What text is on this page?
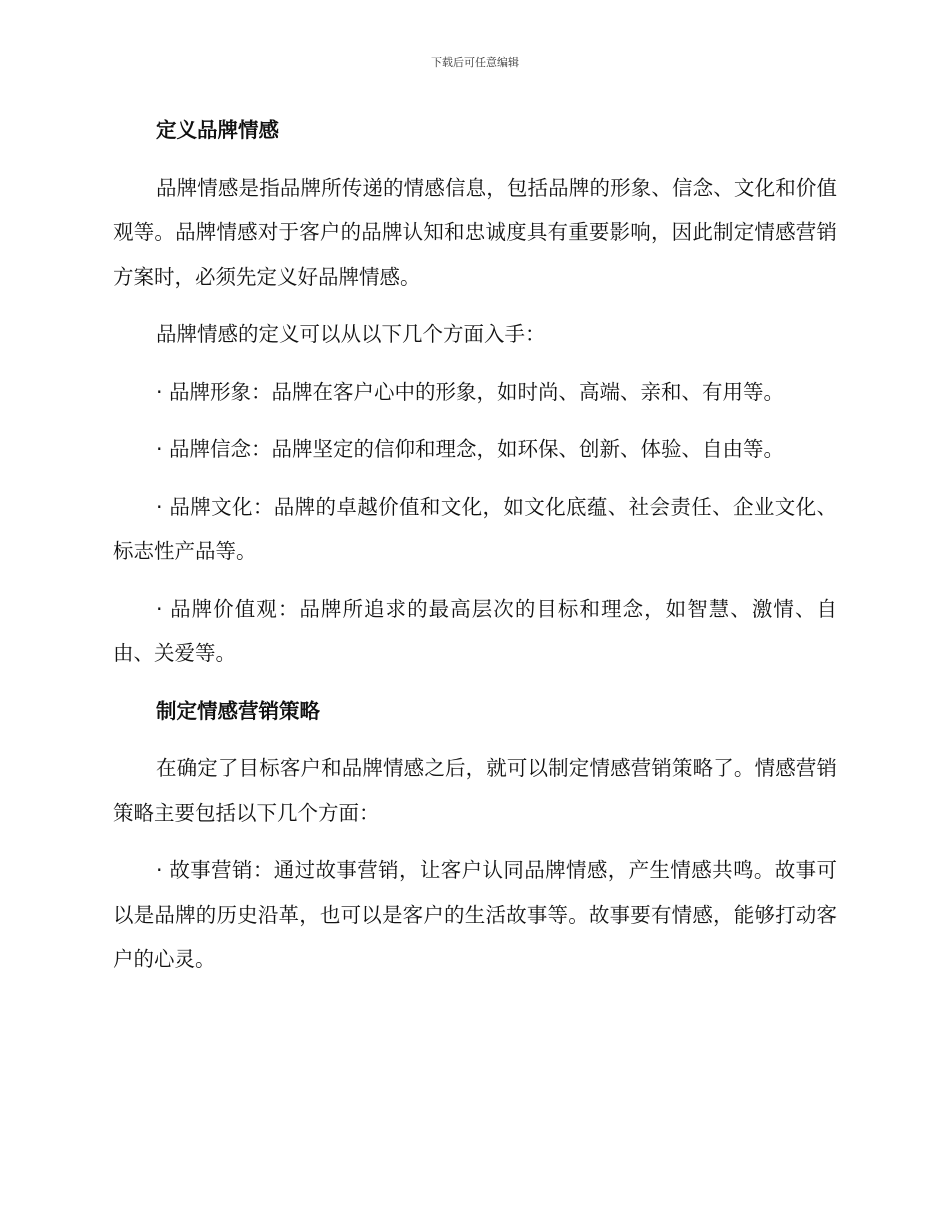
下载后可任意编辑
定义品牌情感

品牌情感是指品牌所传递的情感信息，包括品牌的形象、信念、文化和价值观等。品牌情感对于客户的品牌认知和忠诚度具有重要影响，因此制定情感营销方案时，必须先定义好品牌情感。

品牌情感的定义可以从以下几个方面入手：

· 品牌形象：品牌在客户心中的形象，如时尚、高端、亲和、有用等。

· 品牌信念：品牌坚定的信仰和理念，如环保、创新、体验、自由等。

· 品牌文化：品牌的卓越价值和文化，如文化底蕴、社会责任、企业文化、标志性产品等。

· 品牌价值观：品牌所追求的最高层次的目标和理念，如智慧、激情、自由、关爱等。

制定情感营销策略

在确定了目标客户和品牌情感之后，就可以制定情感营销策略了。情感营销策略主要包括以下几个方面：

· 故事营销：通过故事营销，让客户认同品牌情感，产生情感共鸣。故事可以是品牌的历史沿革，也可以是客户的生活故事等。故事要有情感，能够打动客户的心灵。
